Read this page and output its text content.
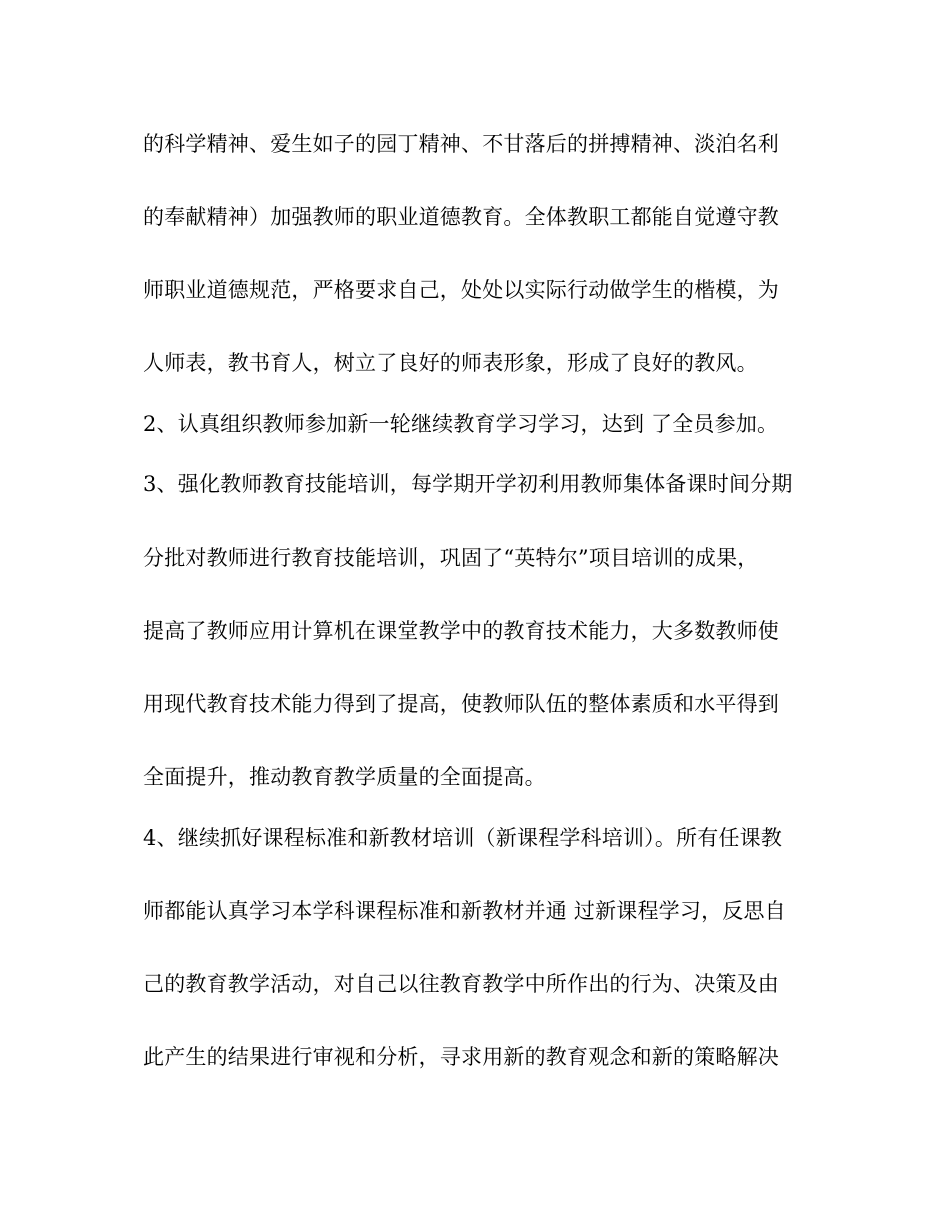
的科学精神、爱生如子的园丁精神、不甘落后的拼搏精神、淡泊名利
的奉献精神）加强教师的职业道德教育。全体教职工都能自觉遵守教
师职业道德规范，严格要求自己，处处以实际行动做学生的楷模，为
人师表，教书育人，树立了良好的师表形象，形成了良好的教风。
2、认真组织教师参加新一轮继续教育学习学习，达到 了全员参加。
3、强化教师教育技能培训，每学期开学初利用教师集体备课时间分期
分批对教师进行教育技能培训，巩固了“英特尔”项目培训的成果，
提高了教师应用计算机在课堂教学中的教育技术能力，大多数教师使
用现代教育技术能力得到了提高，使教师队伍的整体素质和水平得到
全面提升，推动教育教学质量的全面提高。
4、继续抓好课程标准和新教材培训（新课程学科培训）。所有任课教
师都能认真学习本学科课程标准和新教材并通 过新课程学习，反思自
己的教育教学活动，对自己以往教育教学中所作出的行为、决策及由
此产生的结果进行审视和分析，寻求用新的教育观念和新的策略解决
